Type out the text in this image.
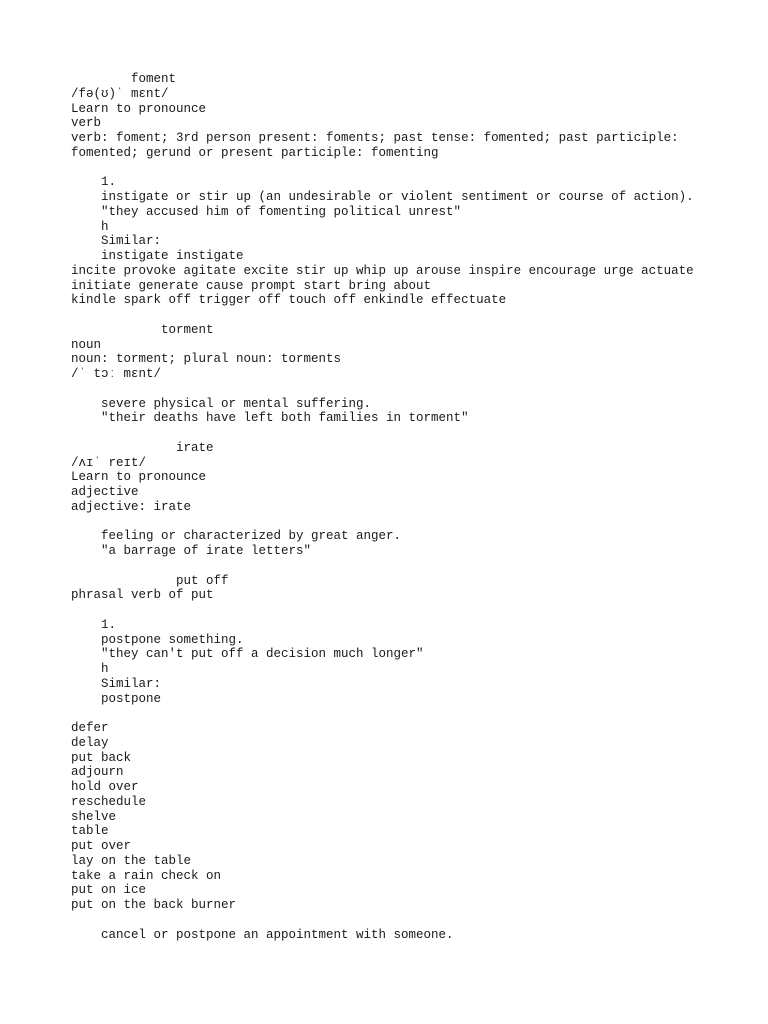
foment
/fə(ʊ)ˈ mɛnt/
Learn to pronounce
verb
verb: foment; 3rd person present: foments; past tense: fomented; past participle:
fomented; gerund or present participle: fomenting
1.
instigate or stir up (an undesirable or violent sentiment or course of action).
"they accused him of fomenting political unrest"
h
Similar:
instigate instigate
incite provoke agitate excite stir up whip up arouse inspire encourage urge actuate
initiate generate cause prompt start bring about
kindle spark off trigger off touch off enkindle effectuate
torment
noun
noun: torment; plural noun: torments
/ˈ tɔː mɛnt/
severe physical or mental suffering.
"their deaths have left both families in torment"
irate
/ʌɪˈ reɪt/
Learn to pronounce
adjective
adjective: irate
feeling or characterized by great anger.
"a barrage of irate letters"
put off
phrasal verb of put
1.
postpone something.
"they can't put off a decision much longer"
h
Similar:
postpone
defer
delay
put back
adjourn
hold over
reschedule
shelve
table
put over
lay on the table
take a rain check on
put on ice
put on the back burner
cancel or postpone an appointment with someone.
